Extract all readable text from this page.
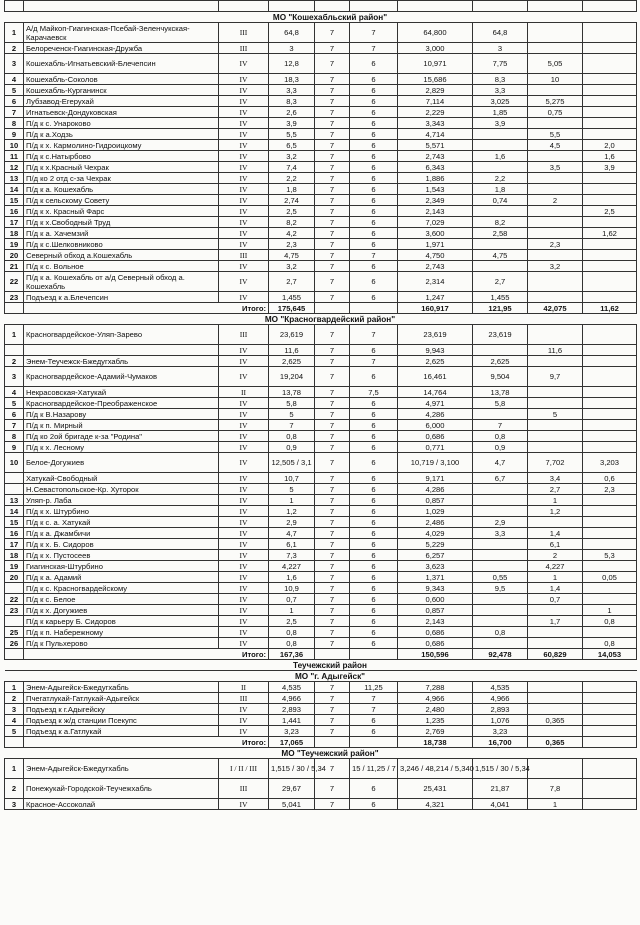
	МО "Кошехабльский район"								
1	А/д Майкоп-Гиагинская-Псебай-Зеленчукская-Карачаевск	III	64,8	7	7	64,800	64,8		
2	Белореченск-Гиагинская-Дружба	III	3	7	7	3,000	3		
3	Кошехабль-Игнатьевский-Блечепсин	IV	12,8	7	6	10,971	7,75	5,05	
4	Кошехабль-Соколов	IV	18,3	7	6	15,686	8,3	10	
5	Кошехабль-Курганинск	IV	3,3	7	6	2,829	3,3		
6	Лубзавод-Егерухай	IV	8,3	7	6	7,114	3,025	5,275	
7	Игнатьевск-Дондуковская	IV	2,6	7	6	2,229	1,85	0,75	
8	П/д к с. Унароково	IV	3,9	7	6	3,343	3,9		
9	П/д к а.Ходзь	IV	5,5	7	6	4,714		5,5	
10	П/д к х. Кармолино-Гидроицкому	IV	6,5	7	6	5,571		4,5	2,0
11	П/д к с.Натырбово	IV	3,2	7	6	2,743	1,6		1,6
12	П/д к х.Красный Чехрак	IV	7,4	7	6	6,343		3,5	3,9
13	П/д ко 2 отд с-за Чехрак	IV	2,2	7	6	1,886	2,2		
14	П/д к а. Кошехабль	IV	1,8	7	6	1,543	1,8		
15	П/д к сельскому Совету	IV	2,74	7	6	2,349	0,74	2	
16	П/д к х. Красный Фарс	IV	2,5	7	6	2,143			2,5
17	П/д к х.Свободный Труд	IV	8,2	7	6	7,029	8,2		
18	П/д к а. Хачемзий	IV	4,2	7	6	3,600	2,58		1,62
19	П/д к с.Шелковниково	IV	2,3	7	6	1,971		2,3	
20	Северный обход а.Кошехабль	III	4,75	7	7	4,750	4,75		
21	П/д к с. Вольное	IV	3,2	7	6	2,743		3,2	
22	П/д к а. Кошехабль от а/д Северный обход а. Кошехабль	IV	2,7	7	6	2,314	2,7		
23	Подъезд к а.Блечепсин	IV	1,455	7	6	1,247	1,455		
	Итого:		175,645			160,917	121,95	42,075	11,62
	МО "Красногвардейский район"								
1	Красногвардейское-Уляп-Зарево	III	23,619	7	7	23,619	23,619		
		IV	11,6	7	6	9,943		11,6	
2	Энем-Теучежск-Бжедугхабль	IV	2,625	7	7	2,625	2,625		
3	Красногвардейское-Адамий-Чумаков	IV	19,204	7	6	16,461	9,504	9,7	
4	Некрасовская-Хатукай	II	13,78	7	7,5	14,764	13,78		
5	Красногвардейское-Преображенское	IV	5,8	7	6	4,971	5,8		
6	П/д к В.Назарову	IV	5	7	6	4,286		5	
7	П/д к п. Мирный	IV	7	7	6	6,000	7		
8	П/д ко 2ой бригаде к-за "Родина"	IV	0,8	7	6	0,686	0,8		
9	П/д к х. Лесному	IV	0,9	7	6	0,771	0,9		
10	Белое-Догужиев	IV	12,505 / 3,1	7	6	10,719 / 3,100	4,7	7,702	3,203
	Хатукай-Свободный	IV	10,7	7	6	9,171	6,7	3,4	0,6
	Н.Севастопольское-Кр. Хуторок	IV	5	7	6	4,286		2,7	2,3
13	Уляп-р. Лаба	IV	1	7	6	0,857		1	
14	П/д к х. Штурбино	IV	1,2	7	6	1,029		1,2	
15	П/д к с. а. Хатукай	IV	2,9	7	6	2,486	2,9		
16	П/д к а. Джамбичи	IV	4,7	7	6	4,029	3,3	1,4	
17	П/д к х. Б. Сидоров	IV	6,1	7	6	5,229		6,1	
18	П/д к х. Пустосеев	IV	7,3	7	6	6,257		2	5,3
19	Гиагинская-Штурбино	IV	4,227	7	6	3,623		4,227	
20	П/д к а. Адамий	IV	1,6	7	6	1,371	0,55	1	0,05
	П/д к с. Красногвардейскому	IV	10,9	7	6	9,343	9,5	1,4	
22	П/д к с. Белое	IV	0,7	7	6	0,600		0,7	
23	П/д к х. Догужиев	IV	1	7	6	0,857			1
	П/д к карьеру Б. Сидоров	IV	2,5	7	6	2,143		1,7	0,8
25	П/д к п. Набережному	IV	0,8	7	6	0,686	0,8		
26	П/д к Пульхерово	IV	0,8	7	6	0,686			0,8
	Итого:		167,36			150,596	92,478	60,829	14,053
	Теучежский район								
	МО "г. Адыгейск"								
1	Энем-Адыгейск-Бжедугхабль	II	4,535	7	11,25	7,288	4,535		
2	Пчегатлукай-Гатлукай-Адыгейск	III	4,966	7	7	4,966	4,966		
3	Подъезд к г.Адыгейску	IV	2,893	7	7	2,480	2,893		
4	Подъезд к ж/д станции Псекупс	IV	1,441	7	6	1,235	1,076	0,365	
5	Подъезд к а.Гатлукай	IV	3,23	7	6	2,769	3,23		
	Итого:		17,065			18,738	16,700	0,365	
	МО "Теучежский район"								
1	Энем-Адыгейск-Бжедугхабль	I / II / III	1,515 / 30 / 5,34	7	15 / 11,25 / 7	3,246 / 48,214 / 5,340	1,515 / 30 / 5,34		
2	Понежукай-Городской-Теучежхабль	III	29,67	7	6	25,431	21,87	7,8	
3	Красное-Ассоколай	IV	5,041	7	6	4,321	4,041	1	
